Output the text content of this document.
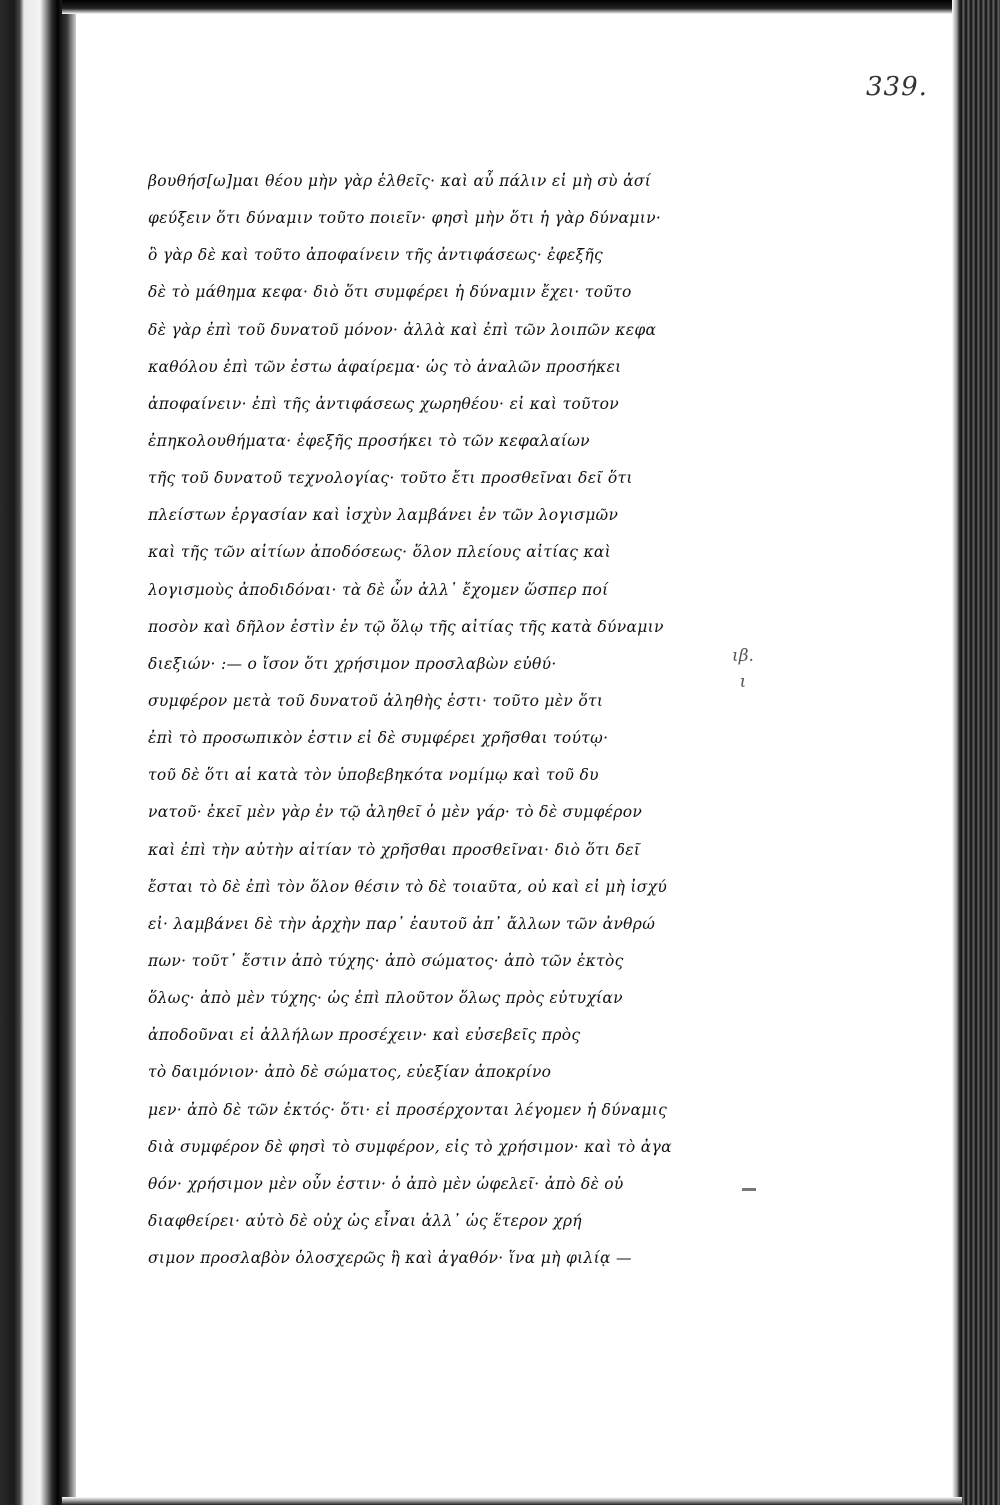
339.
βουθήσ[ω]μαι θέου μὴν γὰρ ἐλθεῖς· καὶ αὖ πάλιν εἰ μὴ σὺ ἀσί
φεύξειν ὅτι δύναμιν τοῦτο ποιεῖν· φησὶ μὴν ὅτι ἡ γὰρ δύναμιν·
ὃ γὰρ δὲ καὶ τοῦτο ἀποφαίνειν τῆς ἀντιφάσεως· ἐφεξῆς
δὲ τὸ μάθημα κεφα· διὸ ὅτι συμφέρει ἡ δύναμιν ἔχει· τοῦτο
δὲ γὰρ ἐπὶ τοῦ δυνατοῦ μόνον· ἀλλὰ καὶ ἐπὶ τῶν λοιπῶν κεφα
καθόλου ἐπὶ τῶν ἐστω ἀφαίρεμα· ὡς τὸ ἀναλῶν προσήκει
ἀποφαίνειν· ἐπὶ τῆς ἀντιφάσεως χωρηθέου· εἰ καὶ τοῦτον
ἐπηκολουθήματα· ἐφεξῆς προσήκει τὸ τῶν κεφαλαίων
τῆς τοῦ δυνατοῦ τεχνολογίας· τοῦτο ἔτι προσθεῖναι δεῖ ὅτι
πλείστων ἐργασίαν καὶ ἰσχὺν λαμβάνει ἐν τῶν λογισμῶν
καὶ τῆς τῶν αἰτίων ἀποδόσεως· ὅλον πλείους αἰτίας καὶ
λογισμοὺς ἀποδιδόναι· τὰ δὲ ὧν ἀλλ᾽ ἔχομεν ὥσπερ ποί
ποσὸν καὶ δῆλον ἐστὶν ἐν τῷ ὅλῳ τῆς αἰτίας τῆς κατὰ δύναμιν
διεξιών· :— ο ἴσον ὅτι χρήσιμον προσλαβὼν εὐθύ·
συμφέρον μετὰ τοῦ δυνατοῦ ἀληθὴς ἐστι· τοῦτο μὲν ὅτι
ἐπὶ τὸ προσωπικὸν ἐστιν εἰ δὲ συμφέρει χρῆσθαι τούτῳ·
τοῦ δὲ ὅτι αἱ κατὰ τὸν ὑποβεβηκότα νομίμῳ καὶ τοῦ δυ
νατοῦ· ἐκεῖ μὲν γὰρ ἐν τῷ ἀληθεῖ ὁ μὲν γάρ· τὸ δὲ συμφέρον
καὶ ἐπὶ τὴν αὐτὴν αἰτίαν τὸ χρῆσθαι προσθεῖναι· διὸ ὅτι δεῖ
ἔσται τὸ δὲ ἐπὶ τὸν ὅλον θέσιν τὸ δὲ τοιαῦτα, οὐ καὶ εἰ μὴ ἰσχύ
εἰ· λαμβάνει δὲ τὴν ἀρχὴν παρ᾽ ἑαυτοῦ ἀπ᾽ ἄλλων τῶν ἀνθρώ
πων· τοῦτ᾽ ἔστιν ἀπὸ τύχης· ἀπὸ σώματος· ἀπὸ τῶν ἐκτὸς
ὅλως· ἀπὸ μὲν τύχης· ὡς ἐπὶ πλοῦτον ὅλως πρὸς εὐτυχίαν
ἀποδοῦναι εἰ ἀλλήλων προσέχειν· καὶ εὐσεβεῖς πρὸς
τὸ δαιμόνιον· ἀπὸ δὲ σώματος, εὐεξίαν ἀποκρίνο
μεν· ἀπὸ δὲ τῶν ἐκτός· ὅτι· εἰ προσέρχονται λέγομεν ἡ δύναμις
διὰ συμφέρον δὲ φησὶ τὸ συμφέρον, εἰς τὸ χρήσιμον· καὶ τὸ ἀγα
θόν· χρήσιμον μὲν οὖν ἐστιν· ὁ ἀπὸ μὲν ὠφελεῖ· ἀπὸ δὲ οὐ
διαφθείρει· αὐτὸ δὲ οὐχ ὡς εἶναι ἀλλ᾽ ὡς ἕτερον χρή
σιμον προσλαβὸν ὁλοσχερῶς ἢ καὶ ἀγαθόν· ἵνα μὴ φιλίᾳ —
ιβ.
ι
